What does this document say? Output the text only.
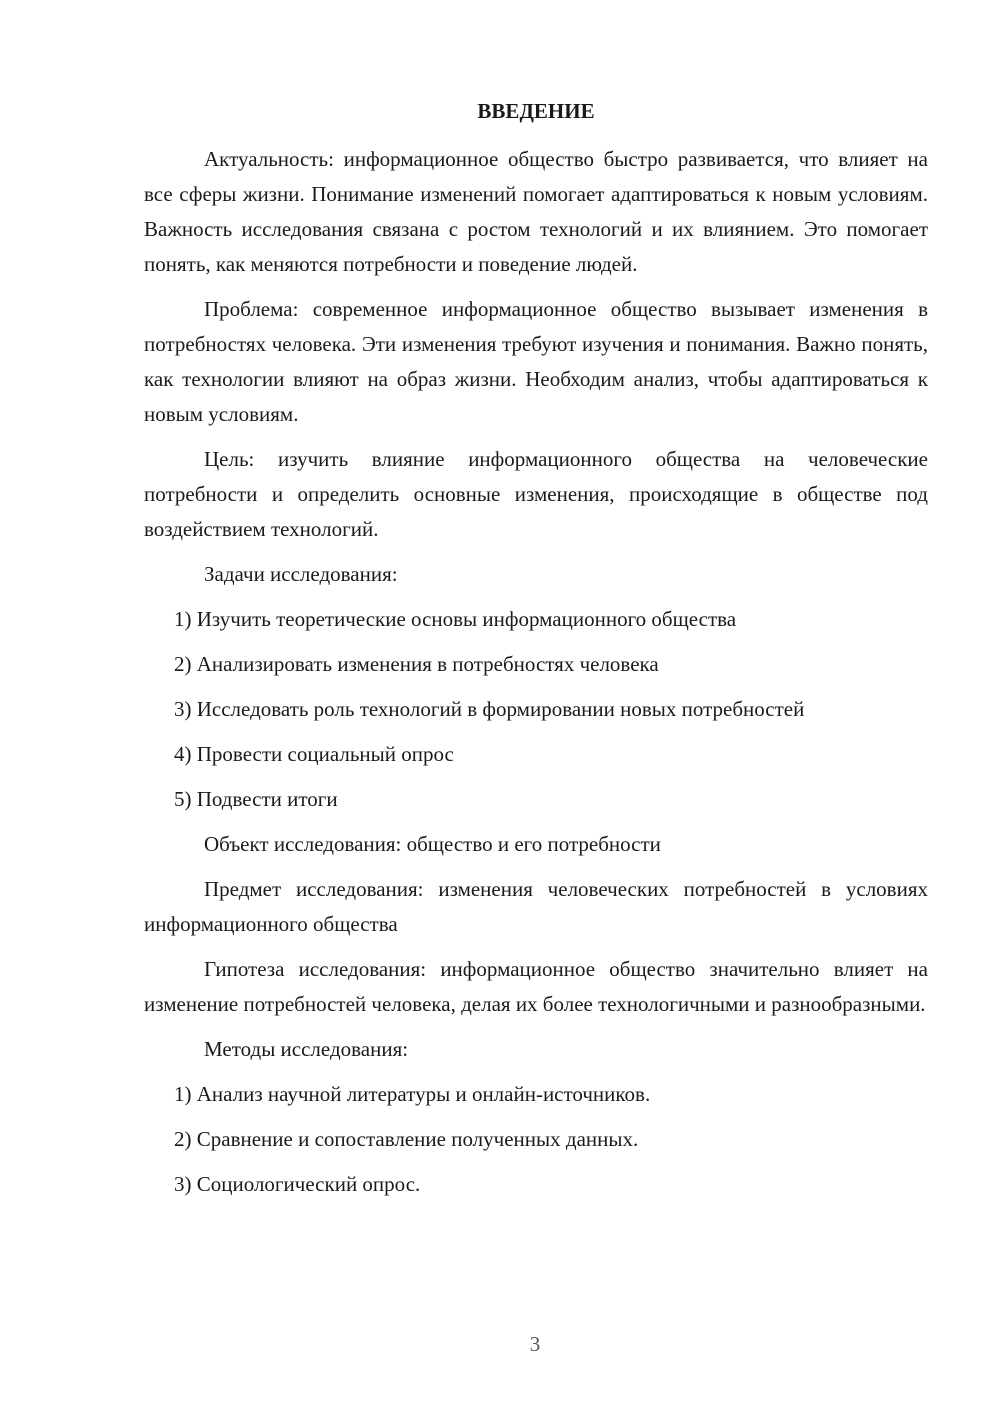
ВВЕДЕНИЕ

Актуальность: информационное общество быстро развивается, что влияет на все сферы жизни. Понимание изменений помогает адаптироваться к новым условиям. Важность исследования связана с ростом технологий и их влиянием. Это помогает понять, как меняются потребности и поведение людей.

Проблема: современное информационное общество вызывает изменения в потребностях человека. Эти изменения требуют изучения и понимания. Важно понять, как технологии влияют на образ жизни. Необходим анализ, чтобы адаптироваться к новым условиям.

Цель: изучить влияние информационного общества на человеческие потребности и определить основные изменения, происходящие в обществе под воздействием технологий.

Задачи исследования:

1) Изучить теоретические основы информационного общества

2) Анализировать изменения в потребностях человека

3) Исследовать роль технологий в формировании новых потребностей

4) Провести социальный опрос

5) Подвести итоги

Объект исследования: общество и его потребности

Предмет исследования: изменения человеческих потребностей в условиях информационного общества

Гипотеза исследования: информационное общество значительно влияет на изменение потребностей человека, делая их более технологичными и разнообразными.

Методы исследования:

1) Анализ научной литературы и онлайн-источников.

2) Сравнение и сопоставление полученных данных.

3) Социологический опрос.

3
